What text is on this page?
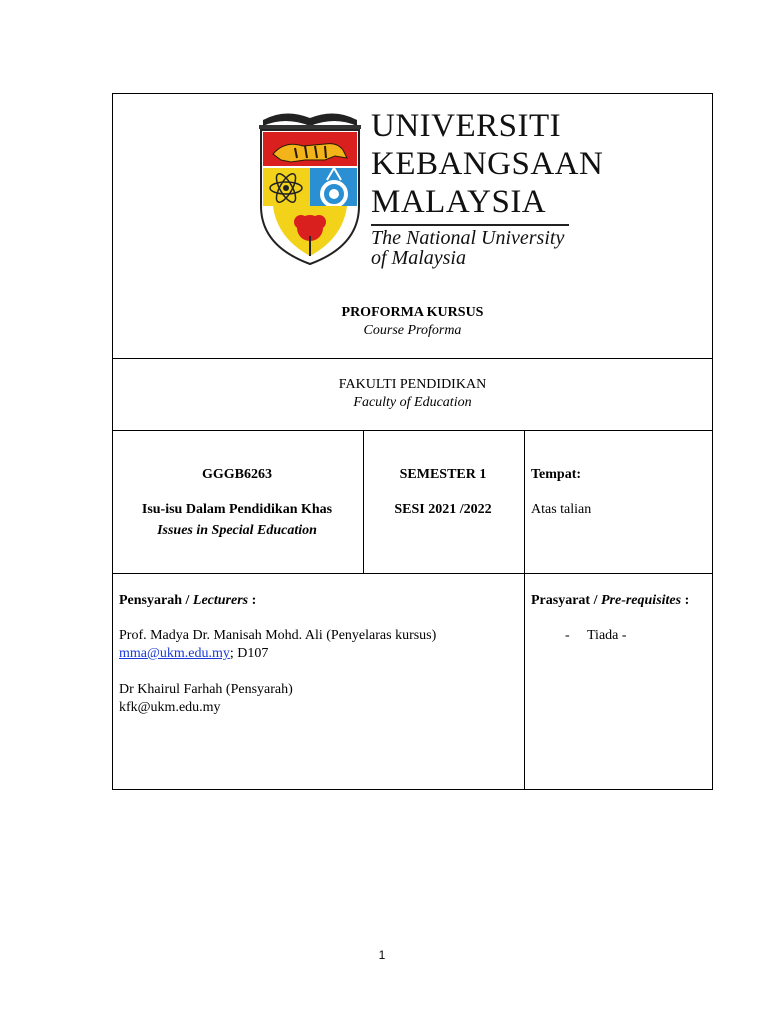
UNIVERSITI
KEBANGSAAN
MALAYSIA
The National University
of Malaysia
PROFORMA KURSUS
Course Proforma
FAKULTI PENDIDIKAN
Faculty of Education
GGGB6263
Isu-isu Dalam Pendidikan Khas
Issues in Special Education
SEMESTER 1
SESI 2021 /2022
Tempat:
Atas talian
Pensyarah / Lecturers :
Prof. Madya Dr. Manisah Mohd. Ali (Penyelaras kursus)
mma@ukm.edu.my; D107
Dr Khairul Farhah (Pensyarah)
kfk@ukm.edu.my
Prasyarat / Pre-requisites :
- Tiada -
1
